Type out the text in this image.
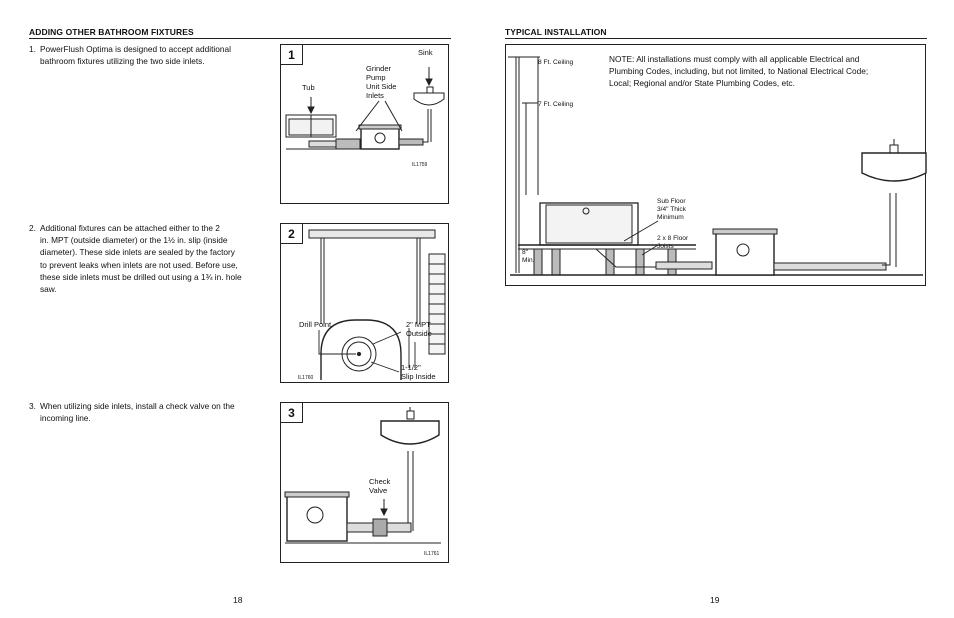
ADDING OTHER BATHROOM FIXTURES
1. PowerFlush Optima is designed to accept additional
bathroom fixtures utilizing the two side inlets.
2. Additional fixtures can be attached either to the 2
in. MPT (outside diameter) or the 1½ in. slip (inside
diameter). These side inlets are sealed by the factory
to prevent leaks when inlets are not used. Before use,
these side inlets must be drilled out using a 1¾ in. hole
saw.
3. When utilizing side inlets, install a check valve on the
incoming line.
1	Sink
Tub
Grinder
Pump
Unit Side
Inlets
IL1759
2
Drill Point	2" MPT
Outside
1-1/2"
Slip Inside
IL1760
3
Check
Valve
IL1761
18
TYPICAL INSTALLATION
8 Ft. Ceiling
7 Ft. Ceiling
Sub Floor
3/4" Thick
Minimum
2 x 8 Floor
Joists
8"
Min.
NOTE: All installations must comply with all applicable Electrical and
Plumbing Codes, including, but not limited, to National Electrical Code;
Local; Regional and/or State Plumbing Codes, etc.
19
